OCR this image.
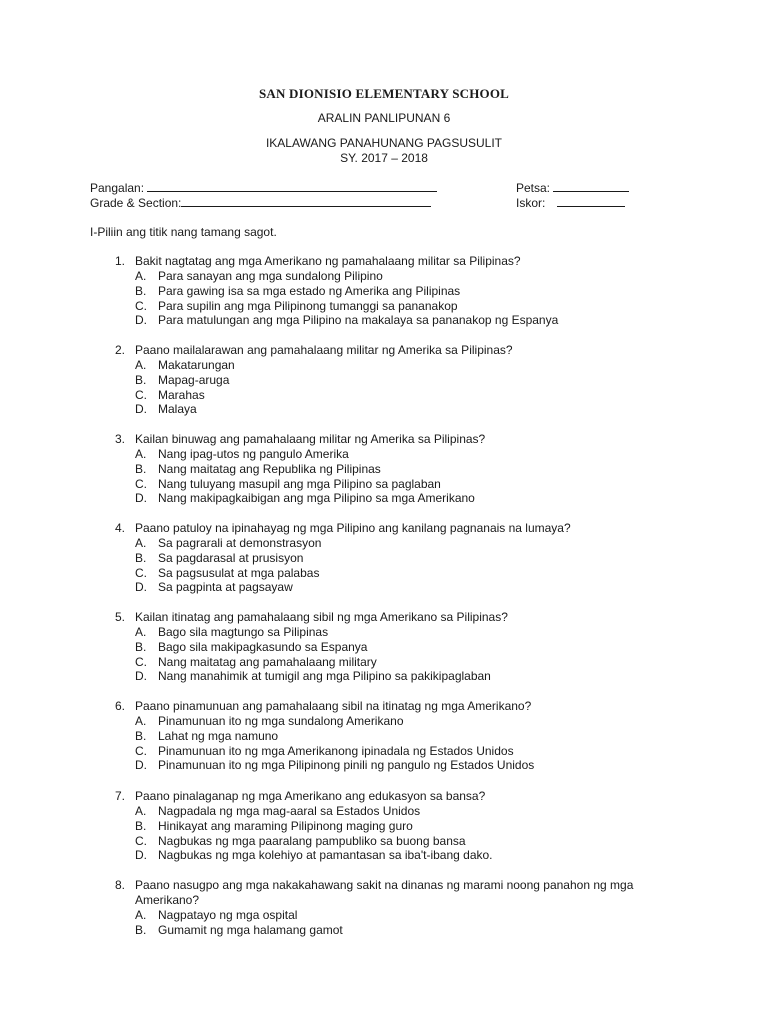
SAN DIONISIO ELEMENTARY SCHOOL
ARALIN PANLIPUNAN 6
IKALAWANG PANAHUNANG PAGSUSULIT
SY. 2017 – 2018
Pangalan:
Grade & Section:
Petsa:
Iskor:
I-Piliin ang titik nang tamang sagot.
1. Bakit nagtatag ang mga Amerikano ng pamahalaang militar sa Pilipinas?
A. Para sanayan ang mga sundalong Pilipino
B. Para gawing isa sa mga estado ng Amerika ang Pilipinas
C. Para supilin ang mga Pilipinong tumanggi sa pananakop
D. Para matulungan ang mga Pilipino na makalaya sa pananakop ng Espanya
2. Paano mailalarawan ang pamahalaang militar ng Amerika sa Pilipinas?
A. Makatarungan
B. Mapag-aruga
C. Marahas
D. Malaya
3. Kailan binuwag ang pamahalaang militar ng Amerika sa Pilipinas?
A. Nang ipag-utos ng pangulo Amerika
B. Nang maitatag ang Republika ng Pilipinas
C. Nang tuluyang masupil ang mga Pilipino sa paglaban
D. Nang makipagkaibigan ang mga Pilipino sa mga Amerikano
4. Paano patuloy na ipinahayag ng mga Pilipino ang kanilang pagnanais na lumaya?
A. Sa pagrarali at demonstrasyon
B. Sa pagdarasal at prusisyon
C. Sa pagsusulat at mga palabas
D. Sa pagpinta at pagsayaw
5. Kailan itinatag ang pamahalaang sibil ng mga Amerikano sa Pilipinas?
A. Bago sila magtungo sa Pilipinas
B. Bago sila makipagkasundo sa Espanya
C. Nang maitatag ang pamahalaang military
D. Nang manahimik at tumigil ang mga Pilipino sa pakikipaglaban
6. Paano pinamunuan ang pamahalaang sibil na itinatag ng mga Amerikano?
A. Pinamunuan ito ng mga sundalong Amerikano
B. Lahat ng mga namuno
C. Pinamunuan ito ng mga Amerikanong ipinadala ng Estados Unidos
D. Pinamunuan ito ng mga Pilipinong pinili ng pangulo ng Estados Unidos
7. Paano pinalaganap ng mga Amerikano ang edukasyon sa bansa?
A. Nagpadala ng mga mag-aaral sa Estados Unidos
B. Hinikayat ang maraming Pilipinong maging guro
C. Nagbukas ng mga paaralang pampubliko sa buong bansa
D. Nagbukas ng mga kolehiyo at pamantasan sa iba't-ibang dako.
8. Paano nasugpo ang mga nakakahawang sakit na dinanas ng marami noong panahon ng mga Amerikano?
A. Nagpatayo ng mga ospital
B. Gumamit ng mga halamang gamot
